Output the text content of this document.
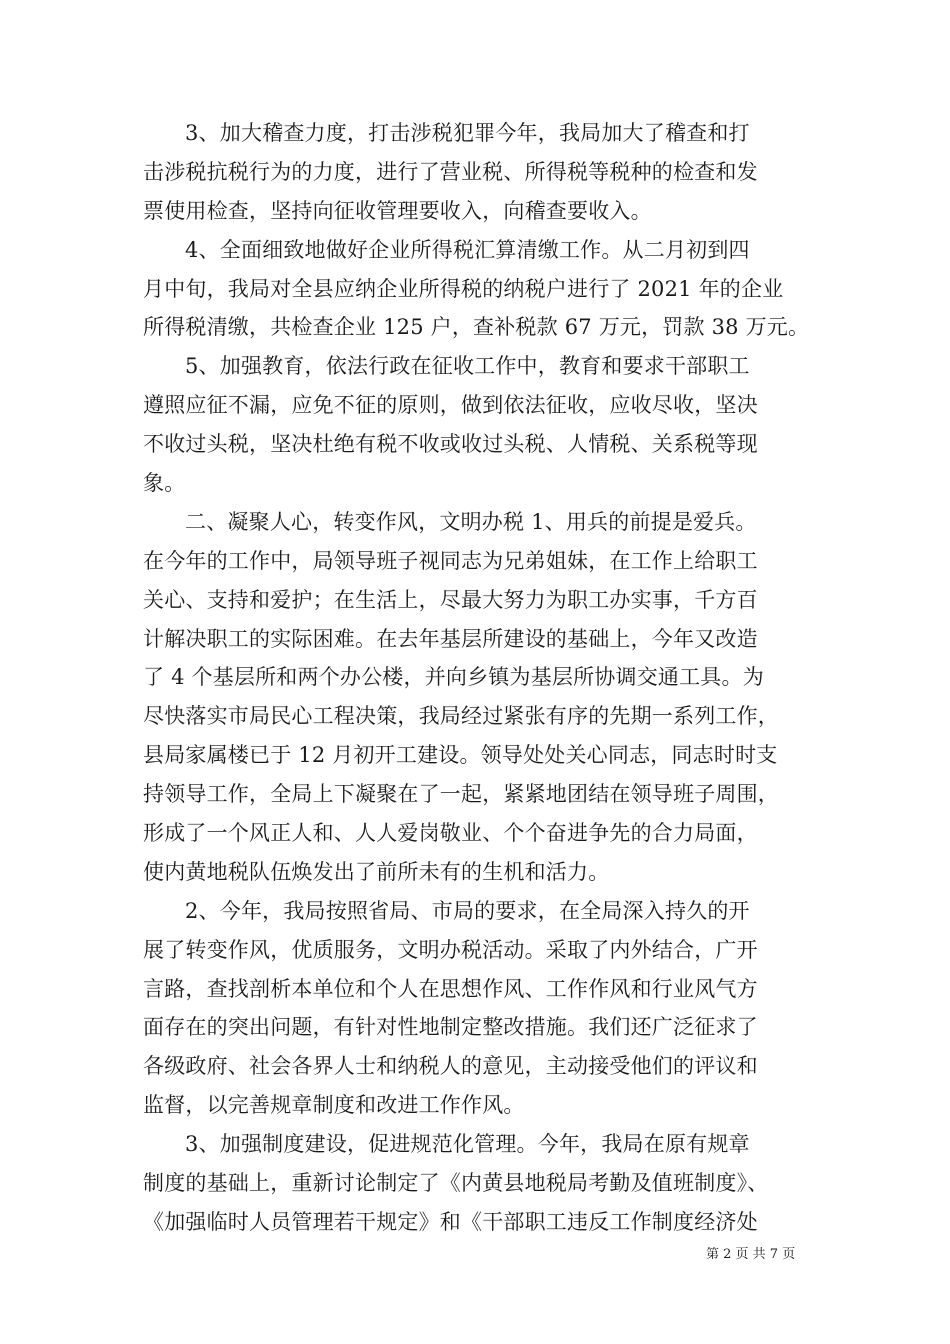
3、加大稽查力度，打击涉税犯罪今年，我局加大了稽查和打
击涉税抗税行为的力度，进行了营业税、所得税等税种的检查和发
票使用检查，坚持向征收管理要收入，向稽查要收入。
4、全面细致地做好企业所得税汇算清缴工作。从二月初到四
月中旬，我局对全县应纳企业所得税的纳税户进行了 2021 年的企业
所得税清缴，共检查企业 125 户，查补税款 67 万元，罚款 38 万元。
5、加强教育，依法行政在征收工作中，教育和要求干部职工
遵照应征不漏，应免不征的原则，做到依法征收，应收尽收，坚决
不收过头税，坚决杜绝有税不收或收过头税、人情税、关系税等现
象。
二、凝聚人心，转变作风，文明办税 1、用兵的前提是爱兵。
在今年的工作中，局领导班子视同志为兄弟姐妹，在工作上给职工
关心、支持和爱护；在生活上，尽最大努力为职工办实事，千方百
计解决职工的实际困难。在去年基层所建设的基础上，今年又改造
了 4 个基层所和两个办公楼，并向乡镇为基层所协调交通工具。为
尽快落实市局民心工程决策，我局经过紧张有序的先期一系列工作，
县局家属楼已于 12 月初开工建设。领导处处关心同志，同志时时支
持领导工作，全局上下凝聚在了一起，紧紧地团结在领导班子周围，
形成了一个风正人和、人人爱岗敬业、个个奋进争先的合力局面，
使内黄地税队伍焕发出了前所未有的生机和活力。
2、今年，我局按照省局、市局的要求，在全局深入持久的开
展了转变作风，优质服务，文明办税活动。采取了内外结合，广开
言路，查找剖析本单位和个人在思想作风、工作作风和行业风气方
面存在的突出问题，有针对性地制定整改措施。我们还广泛征求了
各级政府、社会各界人士和纳税人的意见，主动接受他们的评议和
监督，以完善规章制度和改进工作作风。
3、加强制度建设，促进规范化管理。今年，我局在原有规章
制度的基础上，重新讨论制定了《内黄县地税局考勤及值班制度》、
《加强临时人员管理若干规定》和《干部职工违反工作制度经济处
第 2 页 共 7 页
